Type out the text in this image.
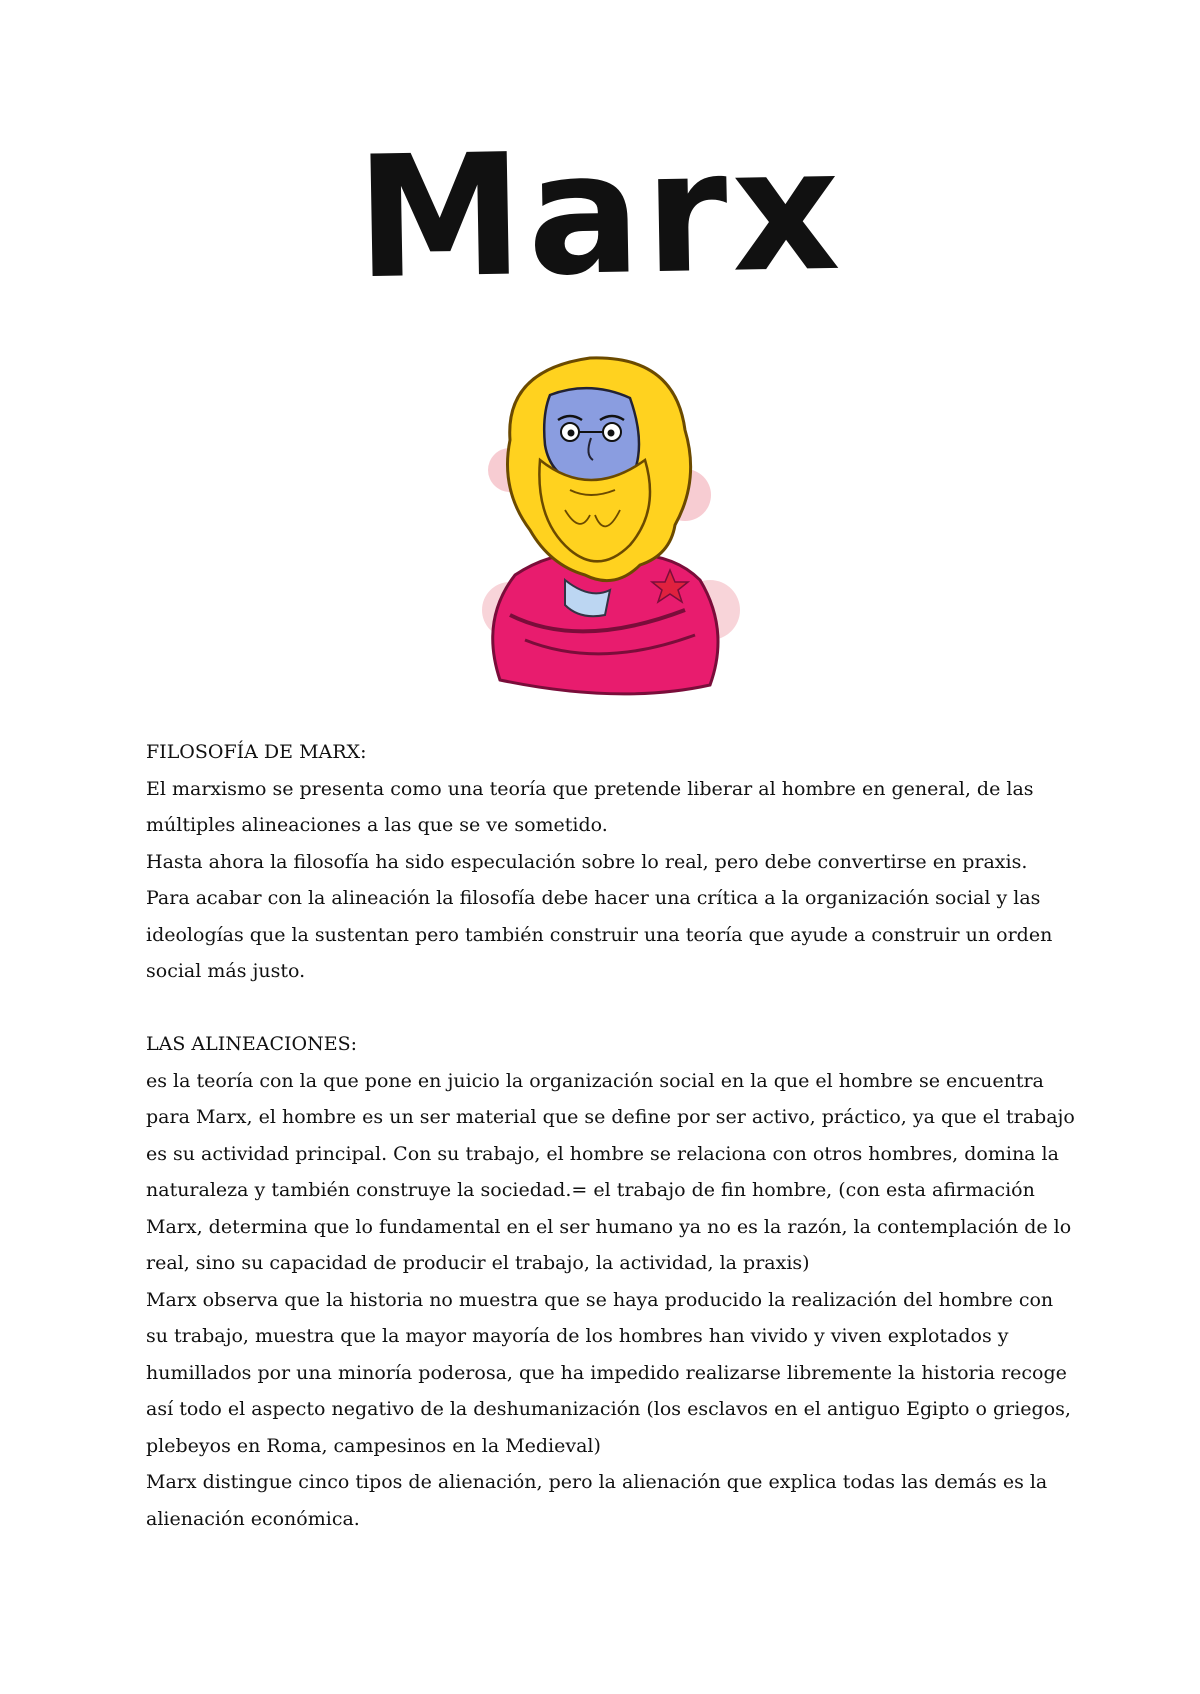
Marx

FILOSOFÍA DE MARX:

El marxismo se presenta como una teoría que pretende liberar al hombre en general, de las múltiples alineaciones a las que se ve sometido.

Hasta ahora la filosofía ha sido especulación sobre lo real, pero debe convertirse en praxis.

Para acabar con la alineación la filosofía debe hacer una crítica a la organización social y las ideologías que la sustentan pero también construir una teoría que ayude a construir un orden social más justo.

LAS ALINEACIONES:

es la teoría con la que pone en juicio la organización social en la que el hombre se encuentra para Marx, el hombre es un ser material que se define por ser activo, práctico, ya que el trabajo es su actividad principal. Con su trabajo, el hombre se relaciona con otros hombres, domina la naturaleza y también construye la sociedad.= el trabajo de fin hombre, (con esta afirmación Marx, determina que lo fundamental en el ser humano ya no es la razón, la contemplación de lo real, sino su capacidad de producir el trabajo, la actividad, la praxis)

Marx observa que la historia no muestra que se haya producido la realización del hombre con su trabajo, muestra que la mayor mayoría de los hombres han vivido y viven explotados y humillados por una minoría poderosa, que ha impedido realizarse libremente la historia recoge así todo el aspecto negativo de la deshumanización (los esclavos en el antiguo Egipto o griegos, plebeyos en Roma, campesinos en la Medieval)

Marx distingue cinco tipos de alienación, pero la alienación que explica todas las demás es la alienación económica.
